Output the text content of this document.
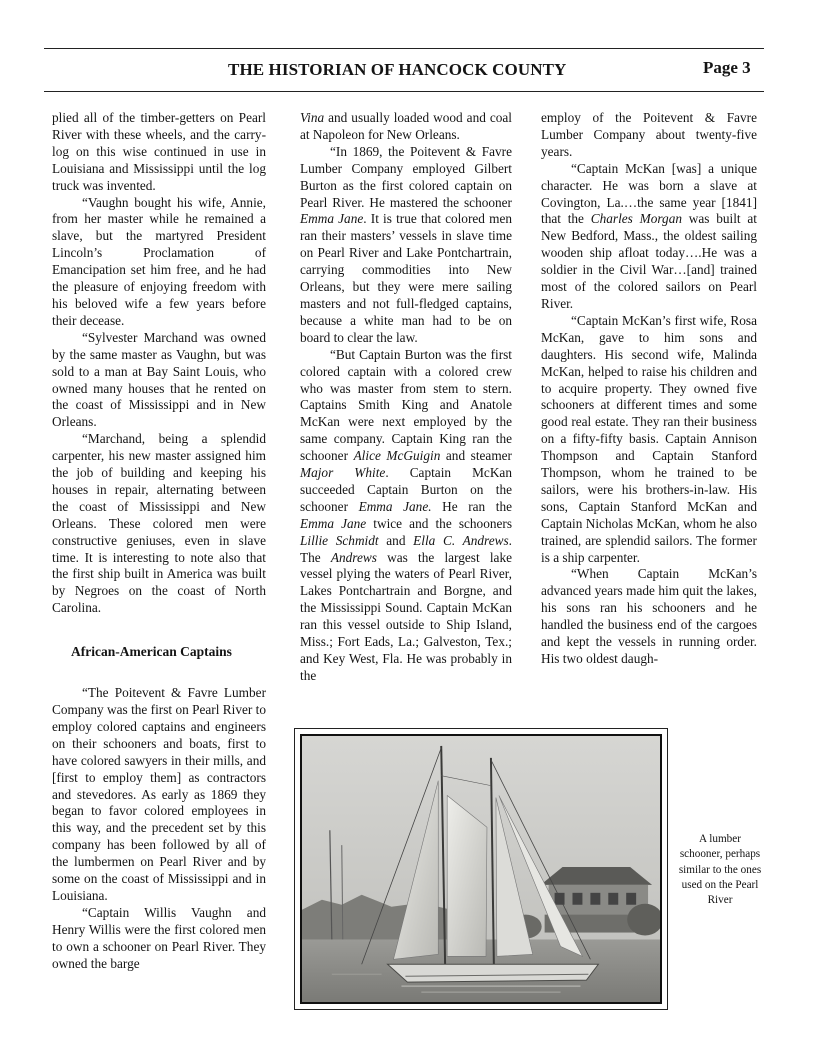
THE HISTORIAN OF HANCOCK COUNTY	Page 3

plied all of the timber-getters on Pearl River with these wheels, and the carry-log on this wise continued in use in Louisiana and Mississippi until the log truck was invented.

“Vaughn bought his wife, Annie, from her master while he remained a slave, but the martyred President Lincoln’s Proclamation of Emancipation set him free, and he had the pleasure of enjoying freedom with his beloved wife a few years before their decease.

“Sylvester Marchand was owned by the same master as Vaughn, but was sold to a man at Bay Saint Louis, who owned many houses that he rented on the coast of Mississippi and in New Orleans.

“Marchand, being a splendid carpenter, his new master assigned him the job of building and keeping his houses in repair, alternating between the coast of Mississippi and New Orleans. These colored men were constructive geniuses, even in slave time. It is interesting to note also that the first ship built in America was built by Negroes on the coast of North Carolina.

African-American Captains

“The Poitevent & Favre Lumber Company was the first on Pearl River to employ colored captains and engineers on their schooners and boats, first to have colored sawyers in their mills, and [first to employ them] as contractors and stevedores. As early as 1869 they began to favor colored employees in this way, and the precedent set by this company has been followed by all of the lumbermen on Pearl River and by some on the coast of Mississippi and in Louisiana.

“Captain Willis Vaughn and Henry Willis were the first colored men to own a schooner on Pearl River. They owned the barge

Vina and usually loaded wood and coal at Napoleon for New Orleans.

“In 1869, the Poitevent & Favre Lumber Company employed Gilbert Burton as the first colored captain on Pearl River. He mastered the schooner Emma Jane. It is true that colored men ran their masters’ vessels in slave time on Pearl River and Lake Pontchartrain, carrying commodities into New Orleans, but they were mere sailing masters and not full-fledged captains, because a white man had to be on board to clear the law.

“But Captain Burton was the first colored captain with a colored crew who was master from stem to stern. Captains Smith King and Anatole McKan were next employed by the same company. Captain King ran the schooner Alice McGuigin and steamer Major White. Captain McKan succeeded Captain Burton on the schooner Emma Jane. He ran the Emma Jane twice and the schooners Lillie Schmidt and Ella C. Andrews. The Andrews was the largest lake vessel plying the waters of Pearl River, Lakes Pontchartrain and Borgne, and the Mississippi Sound. Captain McKan ran this vessel outside to Ship Island, Miss.; Fort Eads, La.; Galveston, Tex.; and Key West, Fla. He was probably in the

employ of the Poitevent & Favre Lumber Company about twenty-five years.

“Captain McKan [was] a unique character. He was born a slave at Covington, La.…the same year [1841] that the Charles Morgan was built at New Bedford, Mass., the oldest sailing wooden ship afloat today….He was a soldier in the Civil War…[and] trained most of the colored sailors on Pearl River.

“Captain McKan’s first wife, Rosa McKan, gave to him sons and daughters. His second wife, Malinda McKan, helped to raise his children and to acquire property. They owned five schooners at different times and some good real estate. They ran their business on a fifty-fifty basis. Captain Annison Thompson and Captain Stanford Thompson, whom he trained to be sailors, were his brothers-in-law. His sons, Captain Stanford McKan and Captain Nicholas McKan, whom he also trained, are splendid sailors. The former is a ship carpenter.

“When Captain McKan’s advanced years made him quit the lakes, his sons ran his schooners and he handled the business end of the cargoes and kept the vessels in running order. His two oldest daugh-

A lumber schooner, perhaps similar to the ones used on the Pearl River
